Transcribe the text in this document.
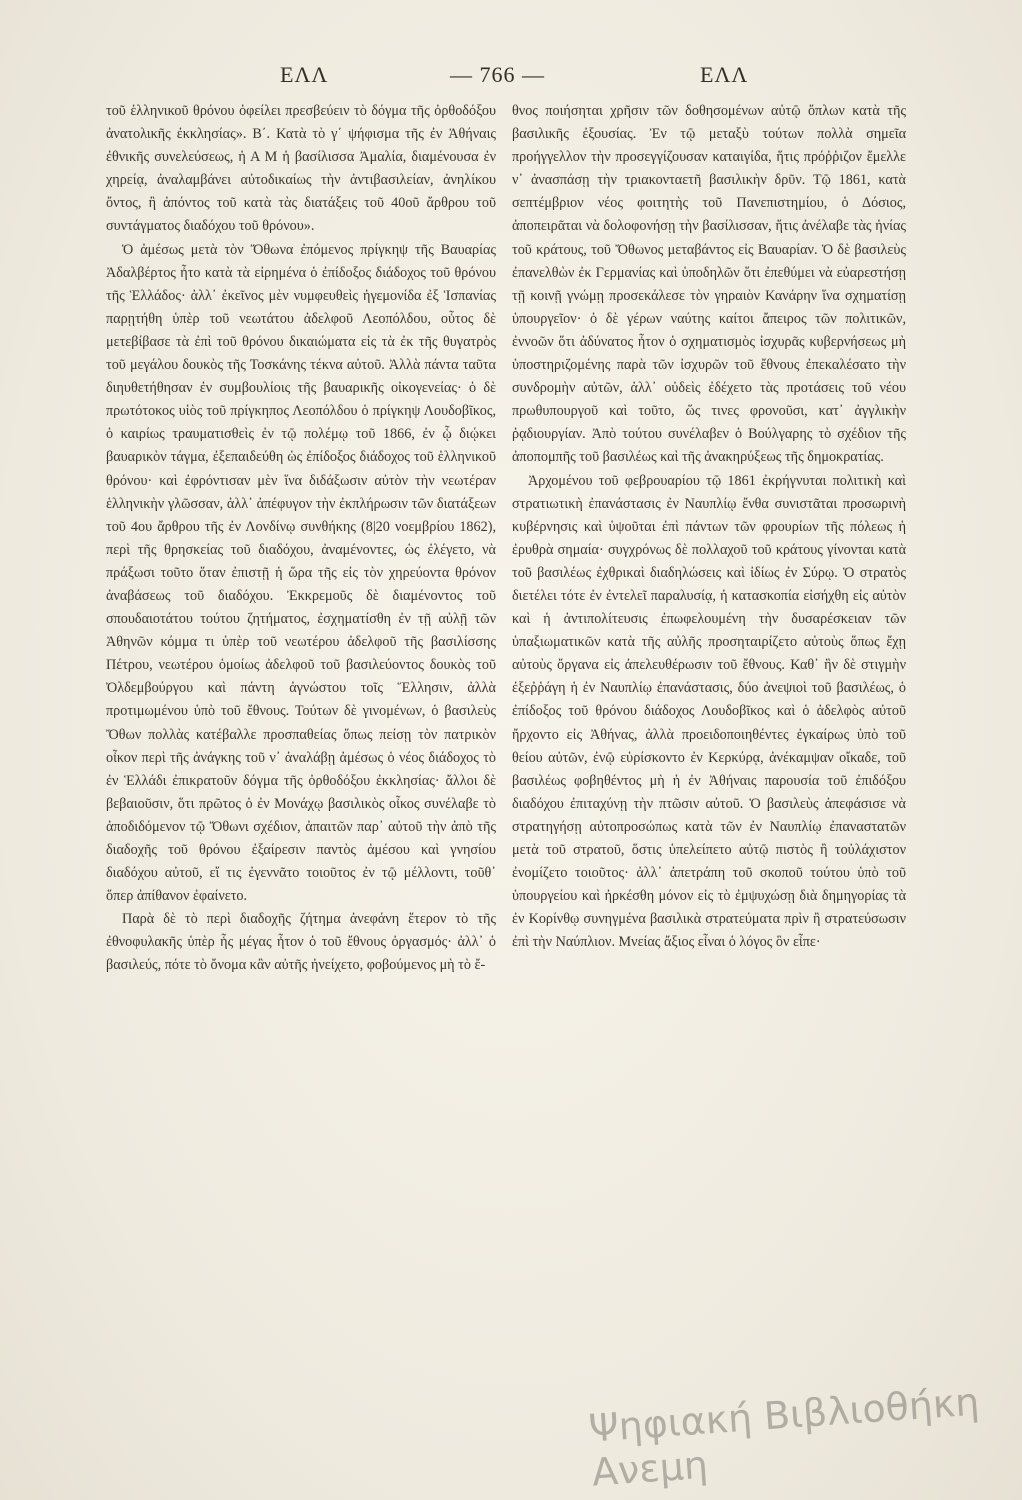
ΕΛΛ	— 766 —	ΕΛΛ

τοῦ ἑλληνικοῦ θρόνου ὀφείλει πρεσβεύειν τὸ δόγμα τῆς ὀρθοδόξου ἀνατολικῆς ἐκκλησίας». Β΄. Κατὰ τὸ γ΄ ψήφισμα τῆς ἐν Ἀθήναις ἐθνικῆς συνελεύσεως, ἡ Α Μ ἡ βασίλισσα Ἀμαλία, διαμένουσα ἐν χηρείᾳ, ἀναλαμβάνει αὐτοδικαίως τὴν ἀντιβασιλείαν, ἀνηλίκου ὄντος, ἢ ἀπόντος τοῦ κατὰ τὰς διατάξεις τοῦ 40οῦ ἄρθρου τοῦ συντάγματος διαδόχου τοῦ θρόνου».

Ὁ ἀμέσως μετὰ τὸν Ὄθωνα ἐπόμενος πρίγκηψ τῆς Βαυαρίας Ἀδαλβέρτος ἦτο κατὰ τὰ εἰρημένα ὁ ἐπίδοξος διάδοχος τοῦ θρόνου τῆς Ἑλλάδος· ἀλλ᾽ ἐκεῖνος μὲν νυμφευθεὶς ἡγεμονίδα ἐξ Ἱσπανίας παρῃτήθη ὑπὲρ τοῦ νεωτάτου ἀδελφοῦ Λεοπόλδου, οὗτος δὲ μετεβίβασε τὰ ἐπὶ τοῦ θρόνου δικαιώματα εἰς τὰ ἐκ τῆς θυγατρὸς τοῦ μεγάλου δουκὸς τῆς Τοσκάνης τέκνα αὐτοῦ. Ἀλλὰ πάντα ταῦτα διηυθετήθησαν ἐν συμβουλίοις τῆς βαυαρικῆς οἰκογενείας· ὁ δὲ πρωτότοκος υἱὸς τοῦ πρίγκηπος Λεοπόλδου ὁ πρίγκηψ Λουδοβῖκος, ὁ καιρίως τραυματισθεὶς ἐν τῷ πολέμῳ τοῦ 1866, ἐν ᾧ διῴκει βαυαρικὸν τάγμα, ἐξεπαιδεύθη ὡς ἐπίδοξος διάδοχος τοῦ ἑλληνικοῦ θρόνου· καὶ ἐφρόντισαν μὲν ἵνα διδάξωσιν αὐτὸν τὴν νεωτέραν ἑλληνικὴν γλῶσσαν, ἀλλ᾽ ἀπέφυγον τὴν ἐκπλήρωσιν τῶν διατάξεων τοῦ 4ου ἄρθρου τῆς ἐν Λονδίνῳ συνθήκης (8|20 νοεμβρίου 1862), περὶ τῆς θρησκείας τοῦ διαδόχου, ἀναμένοντες, ὡς ἐλέγετο, νὰ πράξωσι τοῦτο ὅταν ἐπιστῇ ἡ ὥρα τῆς εἰς τὸν χηρεύοντα θρόνον ἀναβάσεως τοῦ διαδόχου. Ἐκκρεμοῦς δὲ διαμένοντος τοῦ σπουδαιοτάτου τούτου ζητήματος, ἐσχηματίσθη ἐν τῇ αὐλῇ τῶν Ἀθηνῶν κόμμα τι ὑπὲρ τοῦ νεωτέρου ἀδελφοῦ τῆς βασιλίσσης Πέτρου, νεωτέρου ὁμοίως ἀδελφοῦ τοῦ βασιλεύοντος δουκὸς τοῦ Ὀλδεμβούργου καὶ πάντη ἀγνώστου τοῖς Ἕλλησιν, ἀλλὰ προτιμωμένου ὑπὸ τοῦ ἔθνους. Τούτων δὲ γινομένων, ὁ βασιλεὺς Ὄθων πολλὰς κατέβαλλε προσπαθείας ὅπως πείσῃ τὸν πατρικὸν οἶκον περὶ τῆς ἀνάγκης τοῦ ν᾽ ἀναλάβῃ ἀμέσως ὁ νέος διάδοχος τὸ ἐν Ἑλλάδι ἐπικρατοῦν δόγμα τῆς ὀρθοδόξου ἐκκλησίας· ἄλλοι δὲ βεβαιοῦσιν, ὅτι πρῶτος ὁ ἐν Μονάχῳ βασιλικὸς οἶκος συνέλαβε τὸ ἀποδιδόμενον τῷ Ὄθωνι σχέδιον, ἀπαιτῶν παρ᾽ αὐτοῦ τὴν ἀπὸ τῆς διαδοχῆς τοῦ θρόνου ἐξαίρεσιν παντὸς ἀμέσου καὶ γνησίου διαδόχου αὐτοῦ, εἴ τις ἐγεννᾶτο τοιοῦτος ἐν τῷ μέλλοντι, τοῦθ᾽ ὅπερ ἀπίθανον ἐφαίνετο.

Παρὰ δὲ τὸ περὶ διαδοχῆς ζήτημα ἀνεφάνη ἕτερον τὸ τῆς ἐθνοφυλακῆς ὑπὲρ ἧς μέγας ἦτον ὁ τοῦ ἔθνους ὀργασμός· ἀλλ᾽ ὁ βασιλεύς, πότε τὸ ὄνομα κἂν αὐτῆς ἠνείχετο, φοβούμενος μὴ τὸ ἔ-

θνος ποιήσηται χρῆσιν τῶν δοθησομένων αὐτῷ ὅπλων κατὰ τῆς βασιλικῆς ἐξουσίας. Ἐν τῷ μεταξὺ τούτων πολλὰ σημεῖα προήγγελλον τὴν προσεγγίζουσαν καταιγίδα, ἥτις πρόῤῥιζον ἔμελλε ν᾽ ἀνασπάσῃ τὴν τριακονταετῆ βασιλικὴν δρῦν. Τῷ 1861, κατὰ σεπτέμβριον νέος φοιτητὴς τοῦ Πανεπιστημίου, ὁ Δόσιος, ἀποπειρᾶται νὰ δολοφονήσῃ τὴν βασίλισσαν, ἥτις ἀνέλαβε τὰς ἡνίας τοῦ κράτους, τοῦ Ὄθωνος μεταβάντος εἰς Βαυαρίαν. Ὁ δὲ βασιλεὺς ἐπανελθὼν ἐκ Γερμανίας καὶ ὑποδηλῶν ὅτι ἐπεθύμει νὰ εὐαρεστήσῃ τῇ κοινῇ γνώμῃ προσεκάλεσε τὸν γηραιὸν Κανάρην ἵνα σχηματίσῃ ὑπουργεῖον· ὁ δὲ γέρων ναύτης καίτοι ἄπειρος τῶν πολιτικῶν, ἐννοῶν ὅτι ἀδύνατος ἦτον ὁ σχηματισμὸς ἰσχυρᾶς κυβερνήσεως μὴ ὑποστηριζομένης παρὰ τῶν ἰσχυρῶν τοῦ ἔθνους ἐπεκαλέσατο τὴν συνδρομὴν αὐτῶν, ἀλλ᾽ οὐδεὶς ἐδέχετο τὰς προτάσεις τοῦ νέου πρωθυπουργοῦ καὶ τοῦτο, ὥς τινες φρονοῦσι, κατ᾽ ἀγγλικὴν ῥᾳδιουργίαν. Ἀπὸ τούτου συνέλαβεν ὁ Βούλγαρης τὸ σχέδιον τῆς ἀποπομπῆς τοῦ βασιλέως καὶ τῆς ἀνακηρύξεως τῆς δημοκρατίας.

Ἀρχομένου τοῦ φεβρουαρίου τῷ 1861 ἐκρήγνυται πολιτικὴ καὶ στρατιωτικὴ ἐπανάστασις ἐν Ναυπλίῳ ἔνθα συνιστᾶται προσωρινὴ κυβέρνησις καὶ ὑψοῦται ἐπὶ πάντων τῶν φρουρίων τῆς πόλεως ἡ ἐρυθρὰ σημαία· συγχρόνως δὲ πολλαχοῦ τοῦ κράτους γίνονται κατὰ τοῦ βασιλέως ἐχθρικαὶ διαδηλώσεις καὶ ἰδίως ἐν Σύρῳ. Ὁ στρατὸς διετέλει τότε ἐν ἐντελεῖ παραλυσίᾳ, ἡ κατασκοπία εἰσήχθη εἰς αὐτὸν καὶ ἡ ἀντιπολίτευσις ἐπωφελουμένη τὴν δυσαρέσκειαν τῶν ὑπαξιωματικῶν κατὰ τῆς αὐλῆς προσηταιρίζετο αὐτοὺς ὅπως ἔχῃ αὐτοὺς ὄργανα εἰς ἀπελευθέρωσιν τοῦ ἔθνους. Καθ᾽ ἣν δὲ στιγμὴν ἐξεῤῥάγη ἡ ἐν Ναυπλίῳ ἐπανάστασις, δύο ἀνεψιοὶ τοῦ βασιλέως, ὁ ἐπίδοξος τοῦ θρόνου διάδοχος Λουδοβῖκος καὶ ὁ ἀδελφὸς αὐτοῦ ἤρχοντο εἰς Ἀθήνας, ἀλλὰ προειδοποιηθέντες ἐγκαίρως ὑπὸ τοῦ θείου αὐτῶν, ἐνῷ εὑρίσκοντο ἐν Κερκύρᾳ, ἀνέκαμψαν οἴκαδε, τοῦ βασιλέως φοβηθέντος μὴ ἡ ἐν Ἀθήναις παρουσία τοῦ ἐπιδόξου διαδόχου ἐπιταχύνῃ τὴν πτῶσιν αὐτοῦ. Ὁ βασιλεὺς ἀπεφάσισε νὰ στρατηγήσῃ αὐτοπροσώπως κατὰ τῶν ἐν Ναυπλίῳ ἐπαναστατῶν μετὰ τοῦ στρατοῦ, ὅστις ὑπελείπετο αὐτῷ πιστὸς ἢ τοὐλάχιστον ἐνομίζετο τοιοῦτος· ἀλλ᾽ ἀπετράπη τοῦ σκοποῦ τούτου ὑπὸ τοῦ ὑπουργείου καὶ ἠρκέσθη μόνον εἰς τὸ ἐμψυχώσῃ διὰ δημηγορίας τὰ ἐν Κορίνθῳ συνηγμένα βασιλικὰ στρατεύματα πρὶν ἢ στρατεύσωσιν ἐπὶ τὴν Ναύπλιον. Μνείας ἄξιος εἶναι ὁ λόγος ὃν εἶπε·

Ψηφιακή Βιβλιοθήκη
Ανεμη
